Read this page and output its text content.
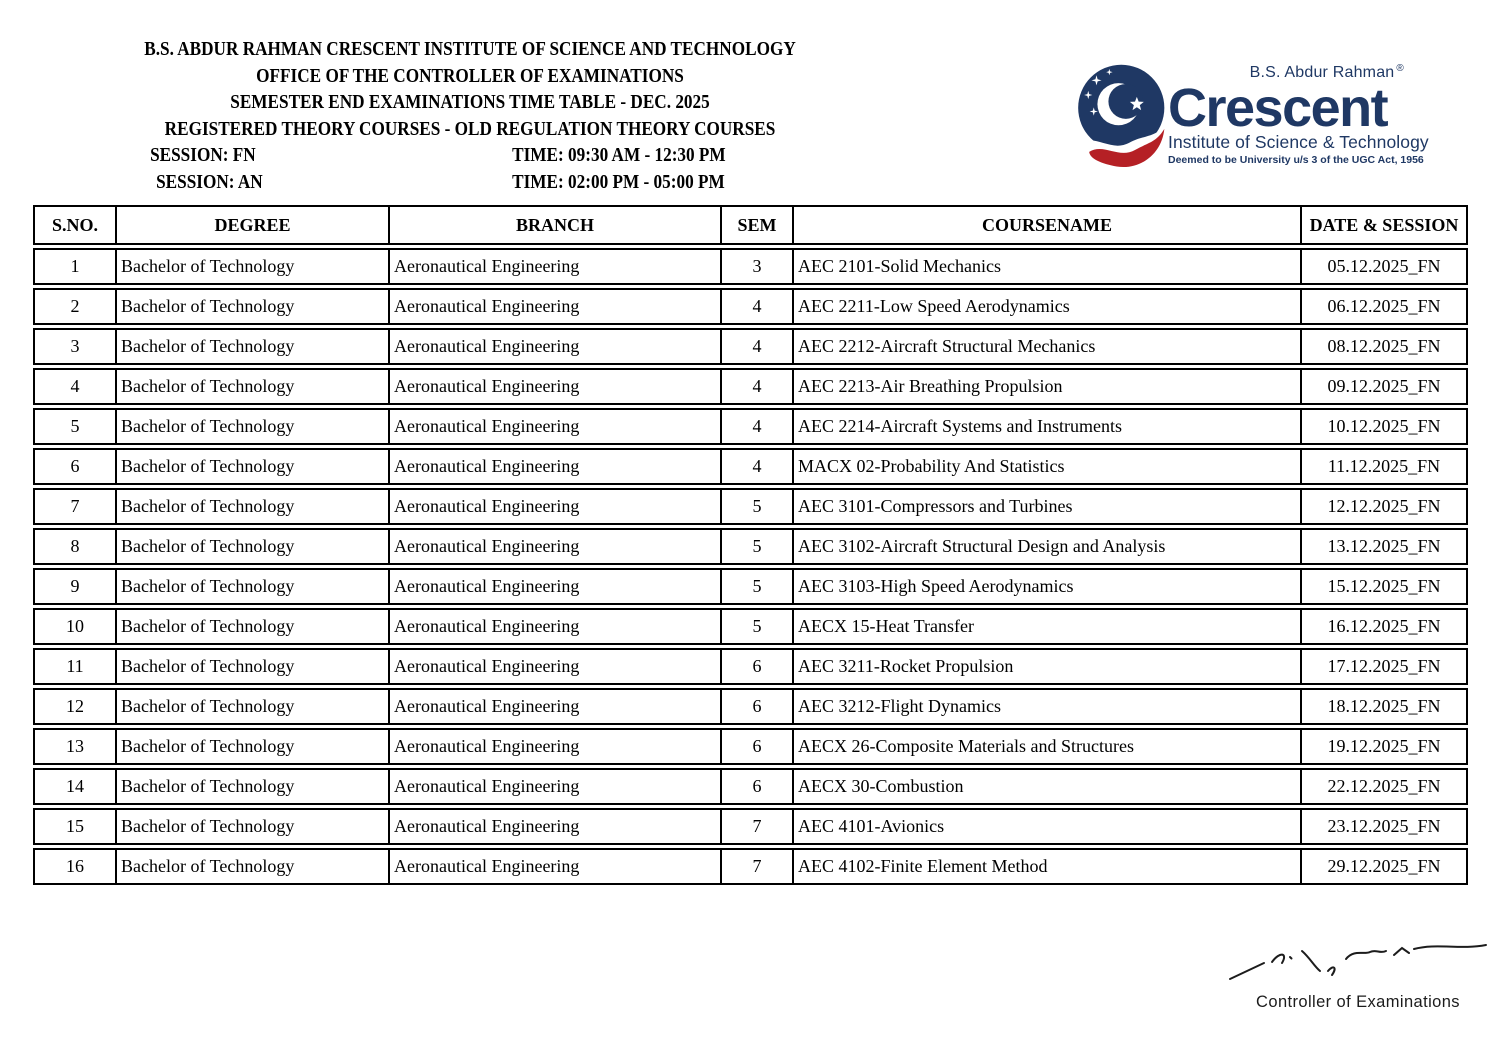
B.S. ABDUR RAHMAN CRESCENT INSTITUTE OF SCIENCE AND TECHNOLOGY
OFFICE OF THE CONTROLLER OF EXAMINATIONS
SEMESTER END EXAMINATIONS TIME TABLE - DEC. 2025
REGISTERED THEORY COURSES - OLD REGULATION THEORY COURSES
SESSION: FN	TIME: 09:30 AM - 12:30 PM
SESSION: AN	TIME: 02:00 PM - 05:00 PM
B.S. Abdur Rahman ®
Crescent
Institute of Science & Technology
Deemed to be University u/s 3 of the UGC Act, 1956
S.NO.	DEGREE	BRANCH	SEM	COURSENAME	DATE & SESSION
1	Bachelor of Technology	Aeronautical Engineering	3	AEC 2101-Solid Mechanics	05.12.2025_FN
2	Bachelor of Technology	Aeronautical Engineering	4	AEC 2211-Low Speed Aerodynamics	06.12.2025_FN
3	Bachelor of Technology	Aeronautical Engineering	4	AEC 2212-Aircraft Structural Mechanics	08.12.2025_FN
4	Bachelor of Technology	Aeronautical Engineering	4	AEC 2213-Air Breathing Propulsion	09.12.2025_FN
5	Bachelor of Technology	Aeronautical Engineering	4	AEC 2214-Aircraft Systems and Instruments	10.12.2025_FN
6	Bachelor of Technology	Aeronautical Engineering	4	MACX 02-Probability And Statistics	11.12.2025_FN
7	Bachelor of Technology	Aeronautical Engineering	5	AEC 3101-Compressors and Turbines	12.12.2025_FN
8	Bachelor of Technology	Aeronautical Engineering	5	AEC 3102-Aircraft Structural Design and Analysis	13.12.2025_FN
9	Bachelor of Technology	Aeronautical Engineering	5	AEC 3103-High Speed Aerodynamics	15.12.2025_FN
10	Bachelor of Technology	Aeronautical Engineering	5	AECX 15-Heat Transfer	16.12.2025_FN
11	Bachelor of Technology	Aeronautical Engineering	6	AEC 3211-Rocket Propulsion	17.12.2025_FN
12	Bachelor of Technology	Aeronautical Engineering	6	AEC 3212-Flight Dynamics	18.12.2025_FN
13	Bachelor of Technology	Aeronautical Engineering	6	AECX 26-Composite Materials and Structures	19.12.2025_FN
14	Bachelor of Technology	Aeronautical Engineering	6	AECX 30-Combustion	22.12.2025_FN
15	Bachelor of Technology	Aeronautical Engineering	7	AEC 4101-Avionics	23.12.2025_FN
16	Bachelor of Technology	Aeronautical Engineering	7	AEC 4102-Finite Element Method	29.12.2025_FN
Controller of Examinations
